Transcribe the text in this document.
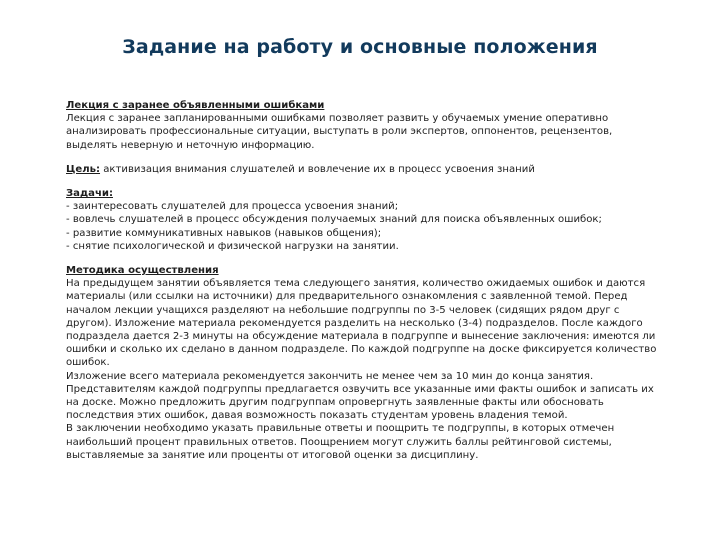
Задание на работу и основные положения

Лекция с заранее объявленными ошибками

Лекция с заранее запланированными ошибками позволяет развить у обучаемых умение оперативно анализировать профессиональные ситуации, выступать в роли экспертов, оппонентов, рецензентов, выделять неверную и неточную информацию.

Цель: активизация внимания слушателей и вовлечение их в процесс усвоения знаний

Задачи:

- заинтересовать слушателей для процесса усвоения знаний;
- вовлечь слушателей в процесс обсуждения получаемых знаний для поиска объявленных ошибок;
- развитие коммуникативных навыков (навыков общения);
- снятие психологической и физической нагрузки на занятии.

Методика осуществления

На предыдущем занятии объявляется тема следующего занятия, количество ожидаемых ошибок и даются материалы (или ссылки на источники) для предварительного ознакомления с заявленной темой. Перед началом лекции учащихся разделяют на небольшие подгруппы по 3-5 человек (сидящих рядом друг с другом). Изложение материала рекомендуется разделить на несколько (3-4) подразделов. После каждого подраздела дается 2-3 минуты на обсуждение материала в подгруппе и вынесение заключения: имеются ли ошибки и сколько их сделано в данном подразделе. По каждой подгруппе на доске фиксируется количество ошибок.

Изложение всего материала рекомендуется закончить не менее чем за 10 мин до конца занятия. Представителям каждой подгруппы предлагается озвучить все указанные ими факты ошибок и записать их на доске. Можно предложить другим подгруппам опровергнуть заявленные факты или обосновать последствия этих ошибок, давая возможность показать студентам уровень владения темой.

В заключении необходимо указать правильные ответы и поощрить те подгруппы, в которых отмечен наибольший процент правильных ответов. Поощрением могут служить баллы рейтинговой системы, выставляемые за занятие или проценты от итоговой оценки за дисциплину.
